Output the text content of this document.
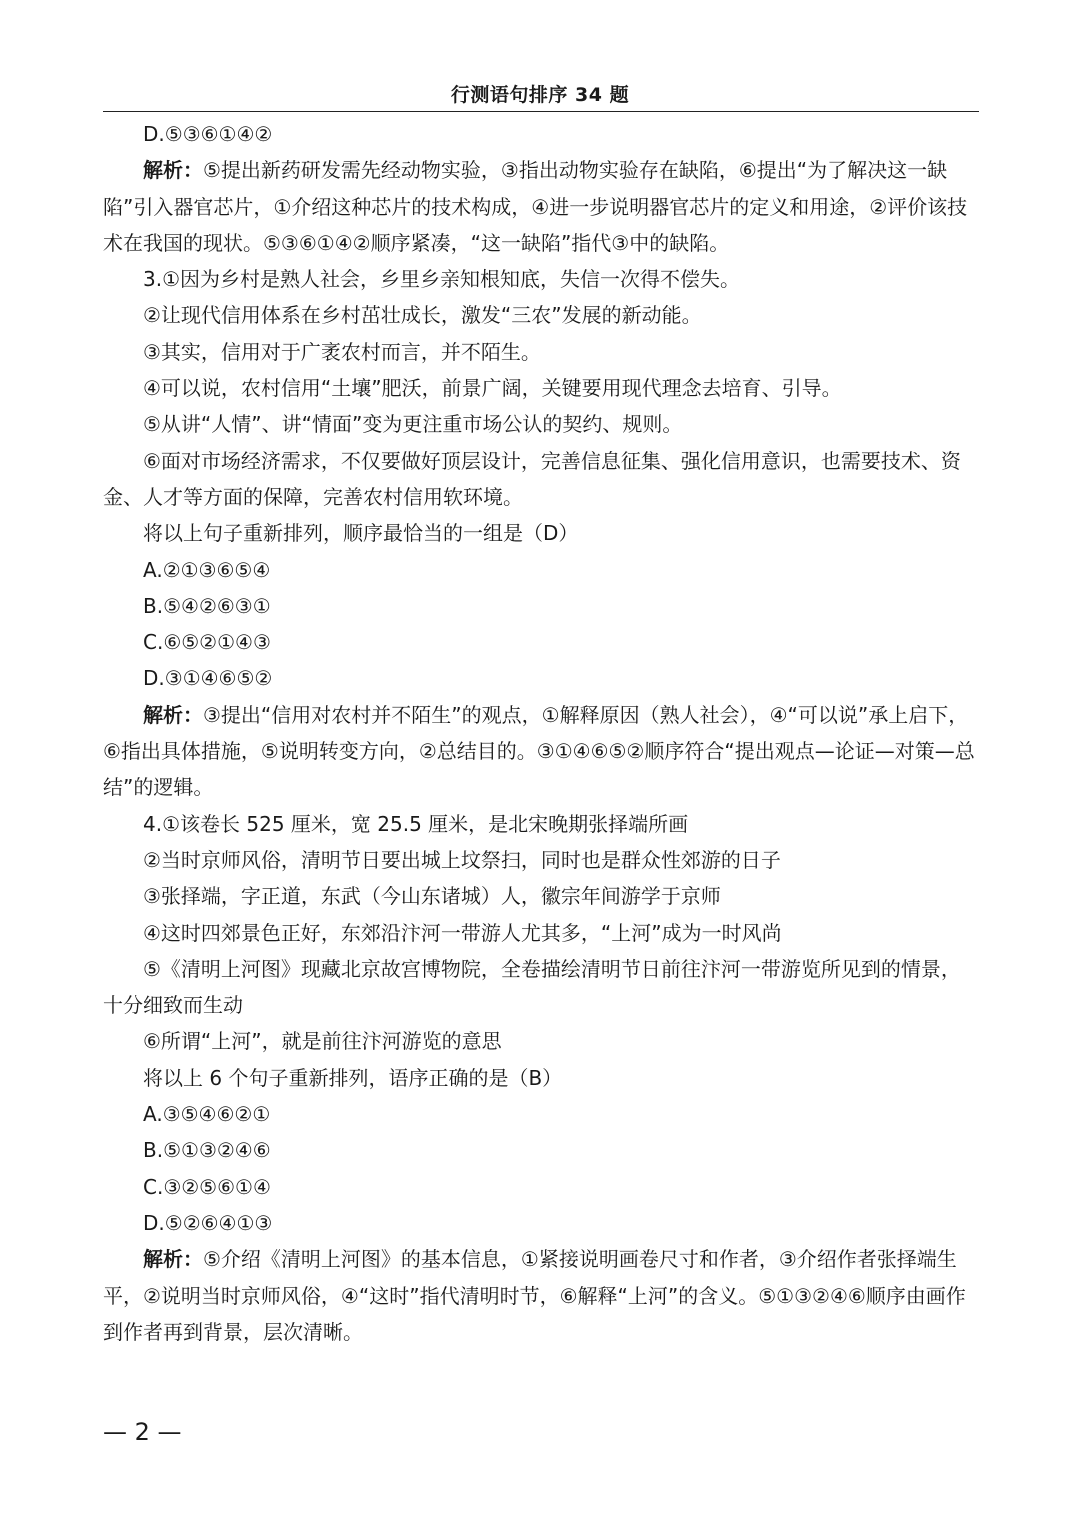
行测语句排序 34 题

D.⑤③⑥①④②

解析：⑤提出新药研发需先经动物实验，③指出动物实验存在缺陷，⑥提出“为了解决这一缺陷”引入器官芯片，①介绍这种芯片的技术构成，④进一步说明器官芯片的定义和用途，②评价该技术在我国的现状。⑤③⑥①④②顺序紧凑，“这一缺陷”指代③中的缺陷。

3.①因为乡村是熟人社会，乡里乡亲知根知底，失信一次得不偿失。

②让现代信用体系在乡村茁壮成长，激发“三农”发展的新动能。

③其实，信用对于广袤农村而言，并不陌生。

④可以说，农村信用“土壤”肥沃，前景广阔，关键要用现代理念去培育、引导。

⑤从讲“人情”、讲“情面”变为更注重市场公认的契约、规则。

⑥面对市场经济需求，不仅要做好顶层设计，完善信息征集、强化信用意识，也需要技术、资金、人才等方面的保障，完善农村信用软环境。

将以上句子重新排列，顺序最恰当的一组是（D）

A.②①③⑥⑤④

B.⑤④②⑥③①

C.⑥⑤②①④③

D.③①④⑥⑤②

解析：③提出“信用对农村并不陌生”的观点，①解释原因（熟人社会），④“可以说”承上启下，⑥指出具体措施，⑤说明转变方向，②总结目的。③①④⑥⑤②顺序符合“提出观点—论证—对策—总结”的逻辑。

4.①该卷长 525 厘米，宽 25.5 厘米，是北宋晚期张择端所画

②当时京师风俗，清明节日要出城上坟祭扫，同时也是群众性郊游的日子

③张择端，字正道，东武（今山东诸城）人，徽宗年间游学于京师

④这时四郊景色正好，东郊沿汴河一带游人尤其多，“上河”成为一时风尚

⑤《清明上河图》现藏北京故宫博物院，全卷描绘清明节日前往汴河一带游览所见到的情景，十分细致而生动

⑥所谓“上河”，就是前往汴河游览的意思

将以上 6 个句子重新排列，语序正确的是（B）

A.③⑤④⑥②①

B.⑤①③②④⑥

C.③②⑤⑥①④

D.⑤②⑥④①③

解析：⑤介绍《清明上河图》的基本信息，①紧接说明画卷尺寸和作者，③介绍作者张择端生平，②说明当时京师风俗，④“这时”指代清明时节，⑥解释“上河”的含义。⑤①③②④⑥顺序由画作到作者再到背景，层次清晰。

— 2 —
